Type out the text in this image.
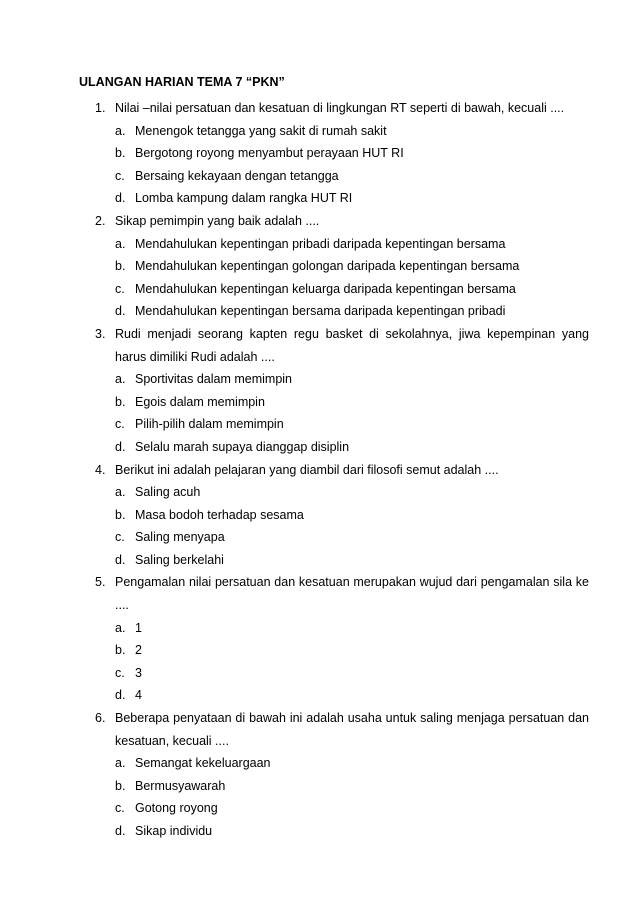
ULANGAN HARIAN TEMA 7 “PKN”
1. Nilai –nilai persatuan dan kesatuan di lingkungan RT seperti di bawah, kecuali ....
a. Menengok tetangga yang sakit di rumah sakit
b. Bergotong royong menyambut perayaan HUT RI
c. Bersaing kekayaan dengan tetangga
d. Lomba kampung dalam rangka HUT RI
2. Sikap pemimpin yang baik adalah ....
a. Mendahulukan kepentingan pribadi daripada kepentingan bersama
b. Mendahulukan kepentingan golongan daripada kepentingan bersama
c. Mendahulukan kepentingan keluarga daripada kepentingan bersama
d. Mendahulukan kepentingan bersama daripada kepentingan pribadi
3. Rudi menjadi seorang kapten regu basket di sekolahnya, jiwa kepempinan yang harus dimiliki Rudi adalah ....
a. Sportivitas dalam memimpin
b. Egois dalam memimpin
c. Pilih-pilih dalam memimpin
d. Selalu marah supaya dianggap disiplin
4. Berikut ini adalah pelajaran yang diambil dari filosofi semut adalah ....
a. Saling acuh
b. Masa bodoh terhadap sesama
c. Saling menyapa
d. Saling berkelahi
5. Pengamalan nilai persatuan dan kesatuan merupakan wujud dari pengamalan sila ke ....
a. 1
b. 2
c. 3
d. 4
6. Beberapa penyataan di bawah ini adalah usaha untuk saling menjaga persatuan dan kesatuan, kecuali ....
a. Semangat kekeluargaan
b. Bermusyawarah
c. Gotong royong
d. Sikap individu
